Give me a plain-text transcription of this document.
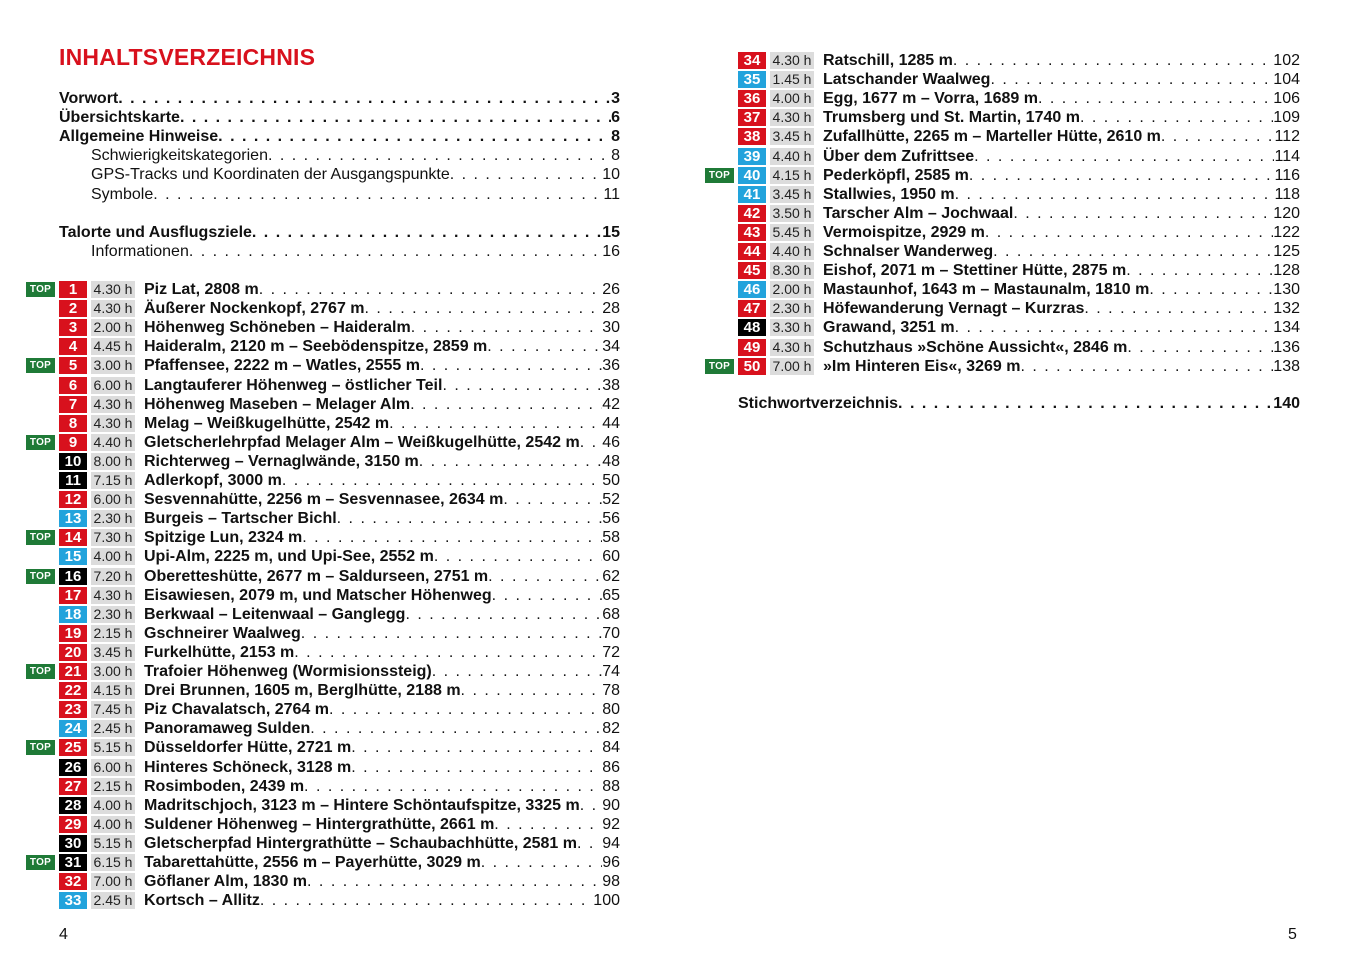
INHALTSVERZEICHNIS
Vorwort . . .	3
Übersichtskarte . . .	6
Allgemeine Hinweise . . .	8
Schwierigkeitskategorien . . .	8
GPS-Tracks und Koordinaten der Ausgangspunkte . . .	10
Symbole . . .	11
Talorte und Ausflugsziele . . .	15
Informationen . . .	16
TOP	1	4.30 h Piz Lat, 2808 m . . .	26
2	4.30 h Äußerer Nockenkopf, 2767 m . . .	28
3	2.00 h Höhenweg Schöneben – Haideralm . . .	30
4	4.45 h Haideralm, 2120 m – Seebödenspitze, 2859 m . . .	34
TOP	5	3.00 h Pfaffensee, 2222 m – Watles, 2555 m . . .	36
6	6.00 h Langtauferer Höhenweg – östlicher Teil . . .	38
7	4.30 h Höhenweg Maseben – Melager Alm . . .	42
8	4.30 h Melag – Weißkugelhütte, 2542 m . . .	44
TOP	9	4.40 h Gletscherlehrpfad Melager Alm – Weißkugelhütte, 2542 m . . . 46
10 8.00 h Richterweg – Vernaglwände, 3150 m . . .	48
11 7.15 h Adlerkopf, 3000 m . . .	50
12 6.00 h Sesvennahütte, 2256 m – Sesvennasee, 2634 m . . .	52
13 2.30 h Burgeis – Tartscher Bichl . . .	56
TOP 14 7.30 h Spitzige Lun, 2324 m . . .	58
15 4.00 h Upi-Alm, 2225 m, und Upi-See, 2552 m . . .	60
TOP 16 7.20 h Oberetteshütte, 2677 m – Saldurseen, 2751 m . . .	62
17 4.30 h Eisawiesen, 2079 m, und Matscher Höhenweg . . .	65
18 2.30 h Berkwaal – Leitenwaal – Ganglegg . . .	68
19 2.15 h Gschneirer Waalweg . . .	70
20 3.45 h Furkelhütte, 2153 m . . .	72
TOP 21 3.00 h Trafoier Höhenweg (Wormisionssteig) . . .	74
22 4.15 h Drei Brunnen, 1605 m, Berglhütte, 2188 m . . .	78
23 7.45 h Piz Chavalatsch, 2764 m . . .	80
24 2.45 h Panoramaweg Sulden . . .	82
TOP 25 5.15 h Düsseldorfer Hütte, 2721 m . . .	84
26 6.00 h Hinteres Schöneck, 3128 m . . .	86
27 2.15 h Rosimboden, 2439 m . . .	88
28 4.00 h Madritschjoch, 3123 m – Hintere Schöntaufspitze, 3325 m . . . 90
29 4.00 h Suldener Höhenweg – Hintergrathütte, 2661 m . . .	92
30 5.15 h Gletscherpfad Hintergrathütte – Schaubachhütte, 2581 m . . . 94
TOP 31 6.15 h Tabarettahütte, 2556 m – Payerhütte, 3029 m . . .	96
32 7.00 h Göflaner Alm, 1830 m . . .	98
33 2.45 h Kortsch – Allitz . . .	100
4
34 4.30 h Ratschill, 1285 m . . .	102
35 1.45 h Latschander Waalweg . . .	104
36 4.00 h Egg, 1677 m – Vorra, 1689 m . . .	106
37 4.30 h Trumsberg und St. Martin, 1740 m . . .	109
38 3.45 h Zufallhütte, 2265 m – Marteller Hütte, 2610 m . . .	112
39 4.40 h Über dem Zufrittsee . . .	114
TOP 40 4.15 h Pederköpfl, 2585 m . . .	116
41 3.45 h Stallwies, 1950 m . . .	118
42 3.50 h Tarscher Alm – Jochwaal . . .	120
43 5.45 h Vermoispitze, 2929 m . . .	122
44 4.40 h Schnalser Wanderweg . . .	125
45 8.30 h Eishof, 2071 m – Stettiner Hütte, 2875 m . . .	128
46 2.00 h Mastaunhof, 1643 m – Mastaunalm, 1810 m . . .	130
47 2.30 h Höfewanderung Vernagt – Kurzras . . .	132
48 3.30 h Grawand, 3251 m . . .	134
49 4.30 h Schutzhaus »Schöne Aussicht«, 2846 m . . .	136
TOP 50 7.00 h »Im Hinteren Eis«, 3269 m . . .	138
Stichwortverzeichnis . . .	140
5
